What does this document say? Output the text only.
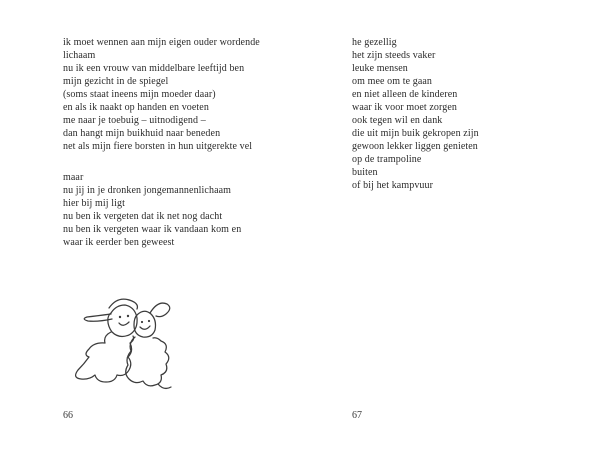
ik moet wennen aan mijn eigen ouder wordende
lichaam
nu ik een vrouw van middelbare leeftijd ben
mijn gezicht in de spiegel
(soms staat ineens mijn moeder daar)
en als ik naakt op handen en voeten
me naar je toebuig – uitnodigend –
dan hangt mijn buikhuid naar beneden
net als mijn fiere borsten in hun uitgerekte vel
maar
nu jij in je dronken jongemannenlichaam
hier bij mij ligt
nu ben ik vergeten dat ik net nog dacht
nu ben ik vergeten waar ik vandaan kom en
waar ik eerder ben geweest
he gezellig
het zijn steeds vaker
leuke mensen
om mee om te gaan
en niet alleen de kinderen
waar ik voor moet zorgen
ook tegen wil en dank
die uit mijn buik gekropen zijn
gewoon lekker liggen genieten
op de trampoline
buiten
of bij het kampvuur
66	67
